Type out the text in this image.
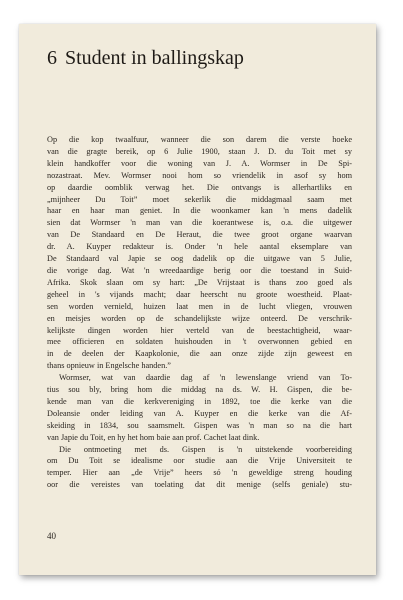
6 Student in ballingskap
Op die kop twaalfuur, wanneer die son darem die verste hoeke
van die gragte bereik, op 6 Julie 1900, staan J. D. du Toit met sy
klein handkoffer voor die woning van J. A. Wormser in De Spi-
nozastraat. Mev. Wormser nooi hom so vriendelik in asof sy hom
op daardie oomblik verwag het. Die ontvangs is allerhartliks en
„mijnheer Du Toit” moet sekerlik die middagmaal saam met
haar en haar man geniet. In die woonkamer kan 'n mens dadelik
sien dat Wormser 'n man van die koerantwese is, o.a. die uitgewer
van De Standaard en De Heraut, die twee groot organe waarvan
dr. A. Kuyper redakteur is. Onder 'n hele aantal eksemplare van
De Standaard val Japie se oog dadelik op die uitgawe van 5 Julie,
die vorige dag. Wat 'n wreedaardige berig oor die toestand in Suid-
Afrika. Skok slaan om sy hart: „De Vrijstaat is thans zoo goed als
geheel in 's vijands macht; daar heerscht nu groote woestheid. Plaat-
sen worden vernield, huizen laat men in de lucht vliegen, vrouwen
en meisjes worden op de schandelijkste wijze onteerd. De verschrik-
kelijkste dingen worden hier verteld van de beestachtigheid, waar-
mee officieren en soldaten huishouden in 't overwonnen gebied en
in de deelen der Kaapkolonie, die aan onze zijde zijn geweest en
thans opnieuw in Engelsche handen.”
Wormser, wat van daardie dag af 'n lewenslange vriend van To-
tius sou bly, bring hom die middag na ds. W. H. Gispen, die be-
kende man van die kerkvereniging in 1892, toe die kerke van die
Doleansie onder leiding van A. Kuyper en die kerke van die Af-
skeiding in 1834, sou saamsmelt. Gispen was 'n man so na die hart
van Japie du Toit, en hy het hom baie aan prof. Cachet laat dink.
Die ontmoeting met ds. Gispen is 'n uitstekende voorbereiding
om Du Toit se idealisme oor studie aan die Vrije Universiteit te
temper. Hier aan „de Vrije” heers só 'n geweldige streng houding
oor die vereistes van toelating dat dit menige (selfs geniale) stu-
40
